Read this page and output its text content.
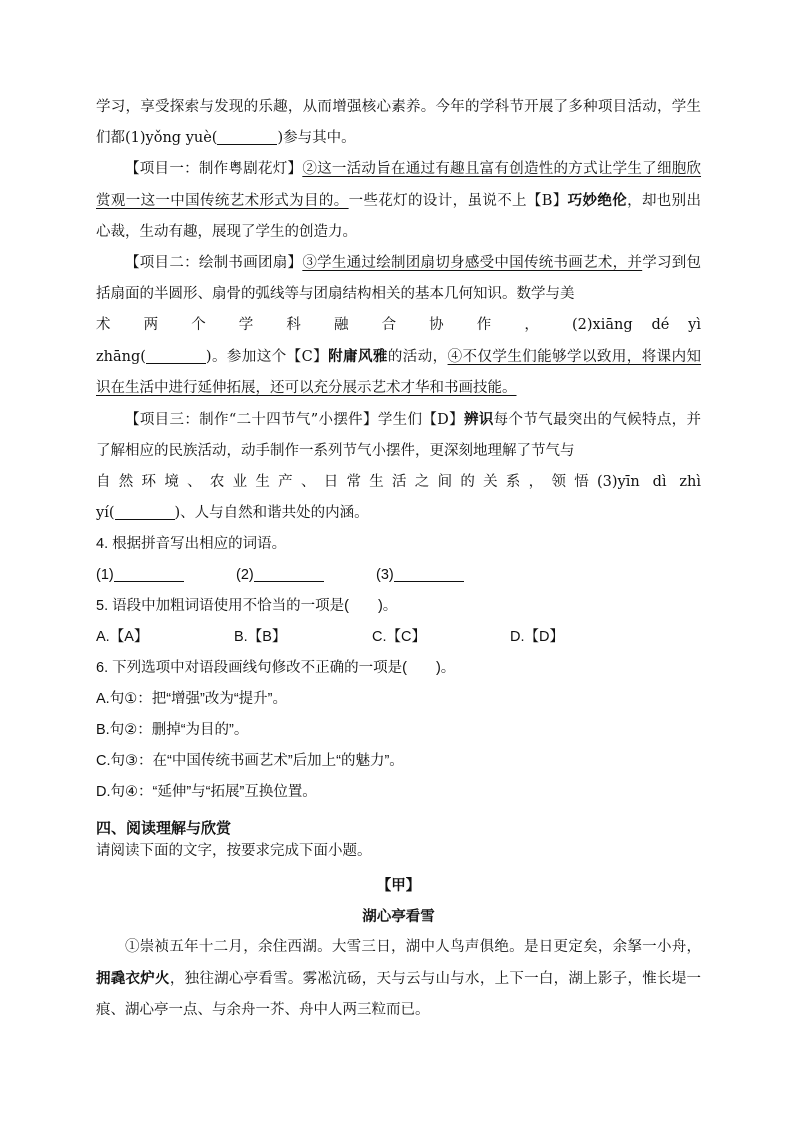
学习，享受探索与发现的乐趣，从而增强核心素养。今年的学科节开展了多种项目活动，学生们都(1)yǒng yuè(	)参与其中。

【项目一：制作粤剧花灯】②这一活动旨在通过有趣且富有创造性的方式让学生了细胞欣赏观一这一中国传统艺术形式为目的。一些花灯的设计，虽说不上【B】巧妙绝伦，却也别出心裁，生动有趣，展现了学生的创造力。

【项目二：绘制书画团扇】③学生通过绘制团扇切身感受中国传统书画艺术，并学习到包括扇面的半圆形、扇骨的弧线等与团扇结构相关的基本几何知识。数学与美

术 两 个 学 科 融 合 协 作 ， (2)xiāng dé yì

zhāng(	)。参加这个【C】附庸风雅的活动，④不仅学生们能够学以致用，将课内知识在生活中进行延伸拓展，还可以充分展示艺术才华和书画技能。

【项目三：制作“二十四节气”小摆件】学生们【D】辨识每个节气最突出的气候特点，并了解相应的民族活动，动手制作一系列节气小摆件，更深刻地理解了节气与

自然环境、农业生产、日常生活之间的关系，领悟(3)yīn dì zhì

yí(	)、人与自然和谐共处的内涵。

4. 根据拼音写出相应的词语。

(1)	(2)	(3)

5. 语段中加粗词语使用不恰当的一项是(　　)。

A.【A】	B.【B】	C.【C】	D.【D】

6. 下列选项中对语段画线句修改不正确的一项是(　　)。

A.句①：把“增强”改为“提升”。

B.句②：删掉“为目的”。

C.句③：在“中国传统书画艺术”后加上“的魅力”。

D.句④：“延伸”与“拓展”互换位置。

四、阅读理解与欣赏

请阅读下面的文字，按要求完成下面小题。

【甲】

湖心亭看雪

①崇祯五年十二月，余住西湖。大雪三日，湖中人鸟声俱绝。是日更定矣，余拏一小舟，拥毳衣炉火，独往湖心亭看雪。雾凇沆砀，天与云与山与水，上下一白，湖上影子，惟长堤一痕、湖心亭一点、与余舟一芥、舟中人两三粒而已。
